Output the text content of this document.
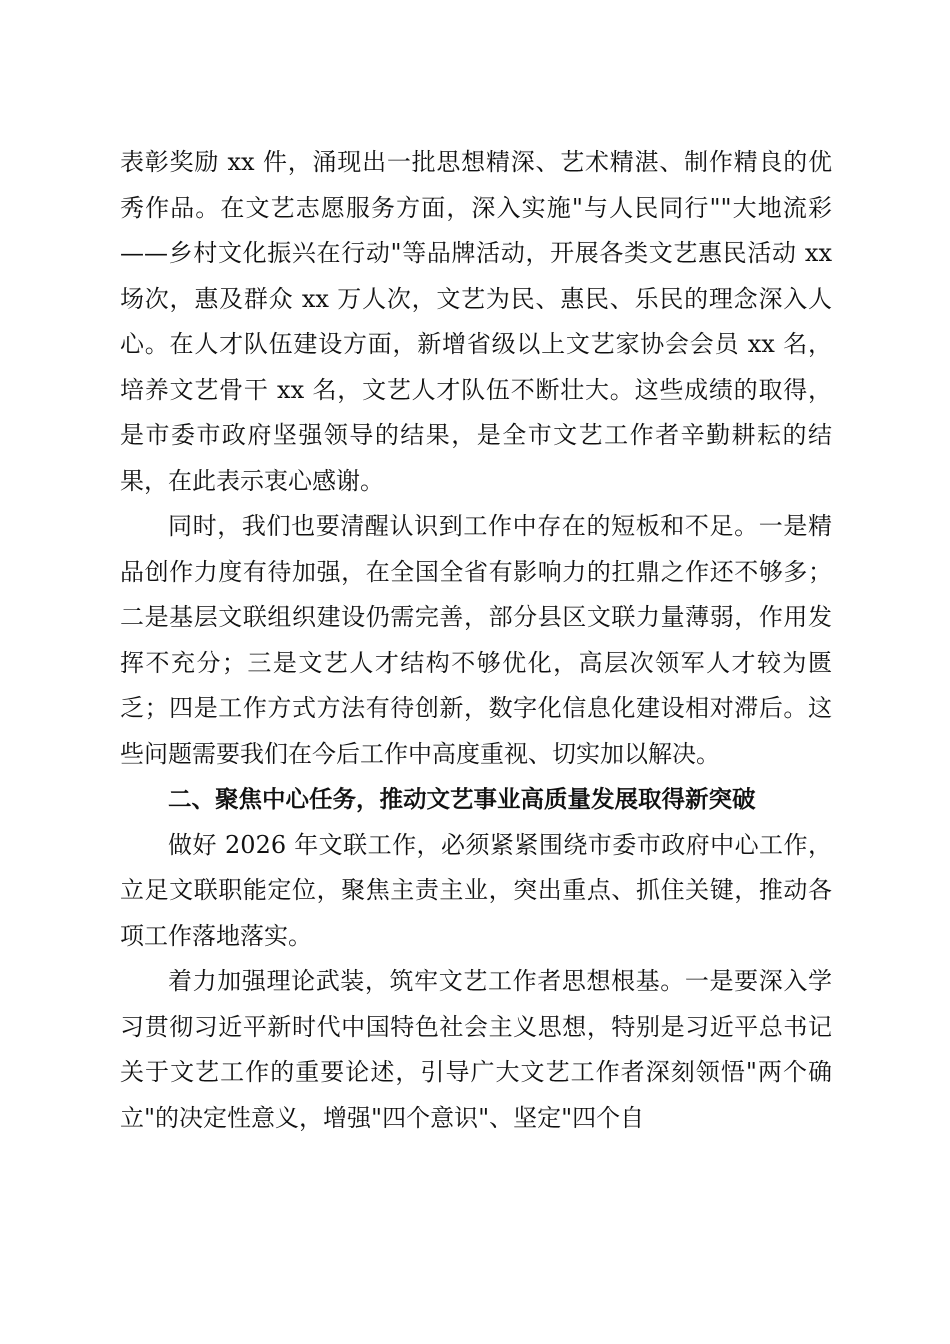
表彰奖励 xx 件，涌现出一批思想精深、艺术精湛、制作精良的优秀作品。在文艺志愿服务方面，深入实施"与人民同行""大地流彩——乡村文化振兴在行动"等品牌活动，开展各类文艺惠民活动 xx 场次，惠及群众 xx 万人次，文艺为民、惠民、乐民的理念深入人心。在人才队伍建设方面，新增省级以上文艺家协会会员 xx 名，培养文艺骨干 xx 名，文艺人才队伍不断壮大。这些成绩的取得，是市委市政府坚强领导的结果，是全市文艺工作者辛勤耕耘的结果，在此表示衷心感谢。

同时，我们也要清醒认识到工作中存在的短板和不足。一是精品创作力度有待加强，在全国全省有影响力的扛鼎之作还不够多；二是基层文联组织建设仍需完善，部分县区文联力量薄弱，作用发挥不充分；三是文艺人才结构不够优化，高层次领军人才较为匮乏；四是工作方式方法有待创新，数字化信息化建设相对滞后。这些问题需要我们在今后工作中高度重视、切实加以解决。

二、聚焦中心任务，推动文艺事业高质量发展取得新突破

做好 2026 年文联工作，必须紧紧围绕市委市政府中心工作，立足文联职能定位，聚焦主责主业，突出重点、抓住关键，推动各项工作落地落实。

着力加强理论武装，筑牢文艺工作者思想根基。一是要深入学习贯彻习近平新时代中国特色社会主义思想，特别是习近平总书记关于文艺工作的重要论述，引导广大文艺工作者深刻领悟"两个确立"的决定性意义，增强"四个意识"、坚定"四个自
